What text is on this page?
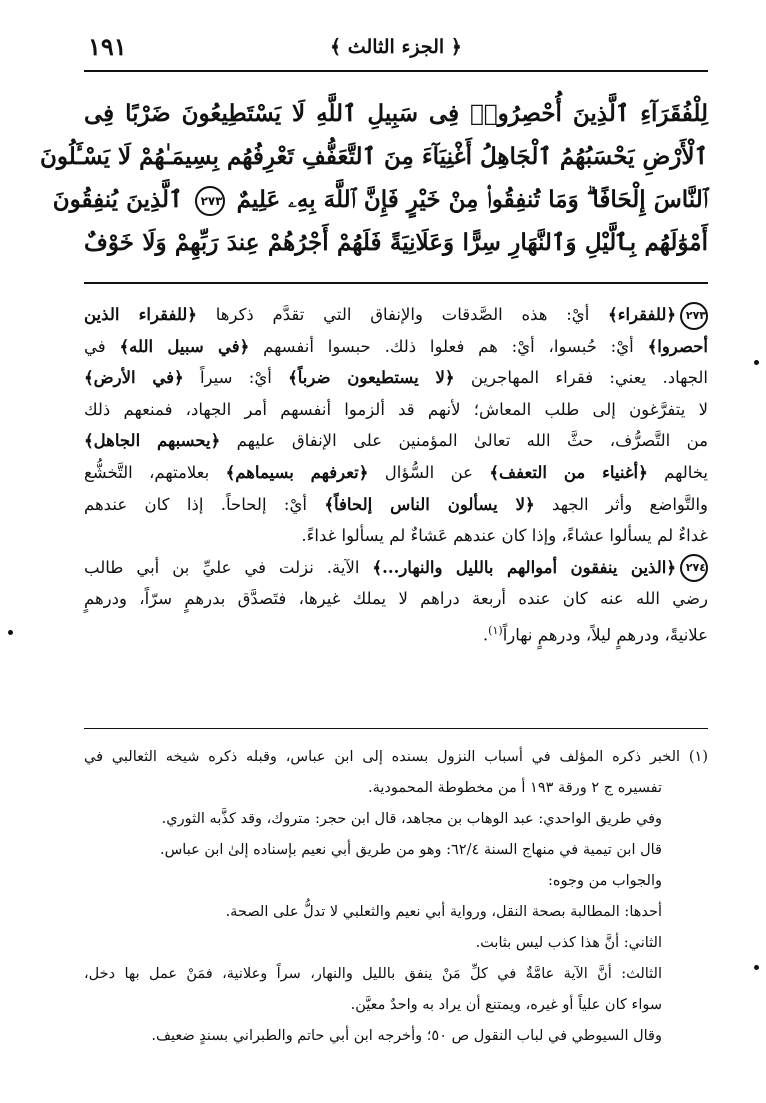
١٩١	﴿ الجزء الثالث ﴾
لِلْفُقَرَآءِ ٱلَّذِينَ أُحْصِرُوا۟ فِى سَبِيلِ ٱللَّهِ لَا يَسْتَطِيعُونَ ضَرْبًا فِى
ٱلْأَرْضِ يَحْسَبُهُمُ ٱلْجَاهِلُ أَغْنِيَآءَ مِنَ ٱلتَّعَفُّفِ تَعْرِفُهُم بِسِيمَـٰهُمْ لَا يَسْـَٔلُونَ
ٱلنَّاسَ إِلْحَافًا ۗ وَمَا تُنفِقُوا۟ مِنْ خَيْرٍ فَإِنَّ ٱللَّهَ بِهِۦ عَلِيمٌ ٢٧٣ ٱلَّذِينَ يُنفِقُونَ
أَمْوَٰلَهُم بِٱلَّيْلِ وَٱلنَّهَارِ سِرًّا وَعَلَانِيَةً فَلَهُمْ أَجْرُهُمْ عِندَ رَبِّهِمْ وَلَا خَوْفٌ
٢٧٣﴿للفقراء﴾ أيْ: هذه الصَّدقات والإنفاق التي تقدَّم ذكرها ﴿للفقراء الذين
أحصروا﴾ أيْ: حُبسوا، أيْ: هم فعلوا ذلك. حبسوا أنفسهم ﴿في سبيل الله﴾ في
الجهاد. يعني: فقراء المهاجرين ﴿لا يستطيعون ضرباً﴾ أيْ: سيراً ﴿في الأرض﴾
لا يتفرَّغون إلى طلب المعاش؛ لأنهم قد ألزموا أنفسهم أمر الجهاد، فمنعهم ذلك
من التَّصرُّف، حثَّ الله تعالىٰ المؤمنين على الإنفاق عليهم ﴿يحسبهم الجاهل﴾
يخالهم ﴿أغنياء من التعفف﴾ عن السُّؤال ﴿تعرفهم بسيماهم﴾ بعلامتهم، التَّخشُّع
والتَّواضع وأثر الجهد ﴿لا يسألون الناس إلحافاً﴾ أيْ: إلحاحاً. إذا كان عندهم
غداءٌ لم يسألوا عشاءً، وإذا كان عندهم عَشاءٌ لم يسألوا غداءً.
٢٧٤﴿الذين ينفقون أموالهم بالليل والنهار...﴾ الآية. نزلت في عليِّ بن أبي طالب
رضي الله عنه كان عنده أربعة دراهم لا يملك غيرها، فتَصدَّق بدرهمٍ سرّاً، ودرهمٍ
علانيةً، ودرهمٍ ليلاً، ودرهمٍ نهاراً$^{(١)}$.
(١) الخبر ذكره المؤلف في أسباب النزول بسنده إلى ابن عباس، وقبله ذكره شيخه الثعالبي في
تفسيره ج ٢ ورقة ١٩٣ أ من مخطوطة المحمودية.
وفي طريق الواحدي: عبد الوهاب بن مجاهد، قال ابن حجر: متروك، وقد كذَّبه الثوري.
قال ابن تيمية في منهاج السنة ٦٢/٤: وهو من طريق أبي نعيم بإسناده إلىٰ ابن عباس.
والجواب من وجوه:
أحدها: المطالبة بصحة النقل، ورواية أبي نعيم والثعلبي لا تدلُّ على الصحة.
الثاني: أنَّ هذا كذب ليس بثابت.
الثالث: أنَّ الآية عامَّةٌ في كلِّ مَنْ ينفق بالليل والنهار، سراً وعلانية، فمَنْ عمل بها دخل،
سواء كان علياً أو غيره، ويمتنع أن يراد به واحدٌ معيَّن.
وقال السيوطي في لباب النقول ص ٥٠؛ وأخرجه ابن أبي حاتم والطبراني بسندٍ ضعيف.
